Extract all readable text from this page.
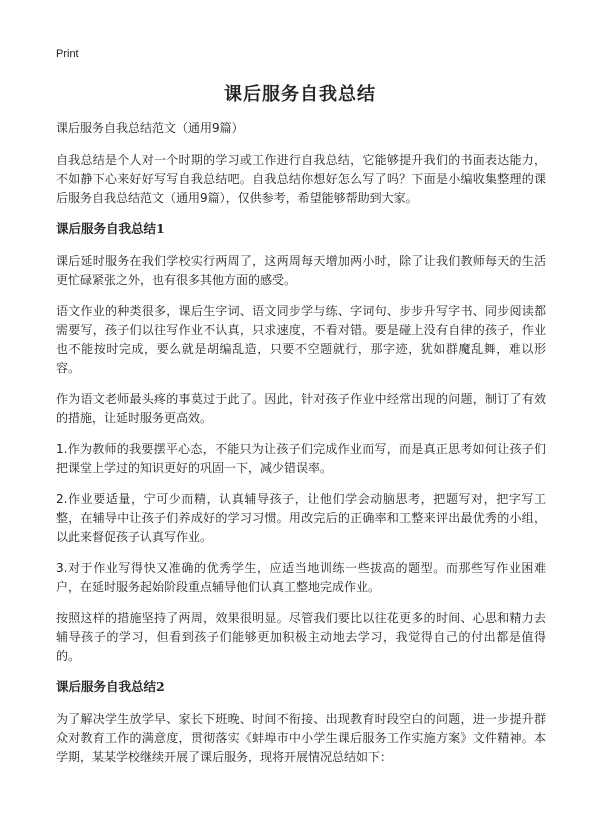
Print
课后服务自我总结
课后服务自我总结范文（通用9篇）

自我总结是个人对一个时期的学习或工作进行自我总结，它能够提升我们的书面表达能力，不如静下心来好好写写自我总结吧。自我总结你想好怎么写了吗？下面是小编收集整理的课后服务自我总结范文（通用9篇），仅供参考，希望能够帮助到大家。

课后服务自我总结1

课后延时服务在我们学校实行两周了，这两周每天增加两小时，除了让我们教师每天的生活更忙碌紧张之外，也有很多其他方面的感受。

语文作业的种类很多，课后生字词、语文同步学与练、字词句、步步升写字书、同步阅读都需要写，孩子们以往写作业不认真，只求速度，不看对错。要是碰上没有自律的孩子，作业也不能按时完成，要么就是胡编乱造，只要不空题就行，那字迹，犹如群魔乱舞，难以形容。

作为语文老师最头疼的事莫过于此了。因此，针对孩子作业中经常出现的问题，制订了有效的措施，让延时服务更高效。

1.作为教师的我要摆平心态，不能只为让孩子们完成作业而写，而是真正思考如何让孩子们把课堂上学过的知识更好的巩固一下，减少错误率。

2.作业要适量，宁可少而精，认真辅导孩子，让他们学会动脑思考，把题写对，把字写工整，在辅导中让孩子们养成好的学习习惯。用改完后的正确率和工整来评出最优秀的小组，以此来督促孩子认真写作业。

3.对于作业写得快又准确的优秀学生，应适当地训练一些拔高的题型。而那些写作业困难户，在延时服务起始阶段重点辅导他们认真工整地完成作业。

按照这样的措施坚持了两周，效果很明显。尽管我们要比以往花更多的时间、心思和精力去辅导孩子的学习，但看到孩子们能够更加积极主动地去学习，我觉得自己的付出都是值得的。

课后服务自我总结2

为了解决学生放学早、家长下班晚、时间不衔接、出现教育时段空白的问题，进一步提升群众对教育工作的满意度，贯彻落实《蚌埠市中小学生课后服务工作实施方案》文件精神。本学期，某某学校继续开展了课后服务，现将开展情况总结如下：
